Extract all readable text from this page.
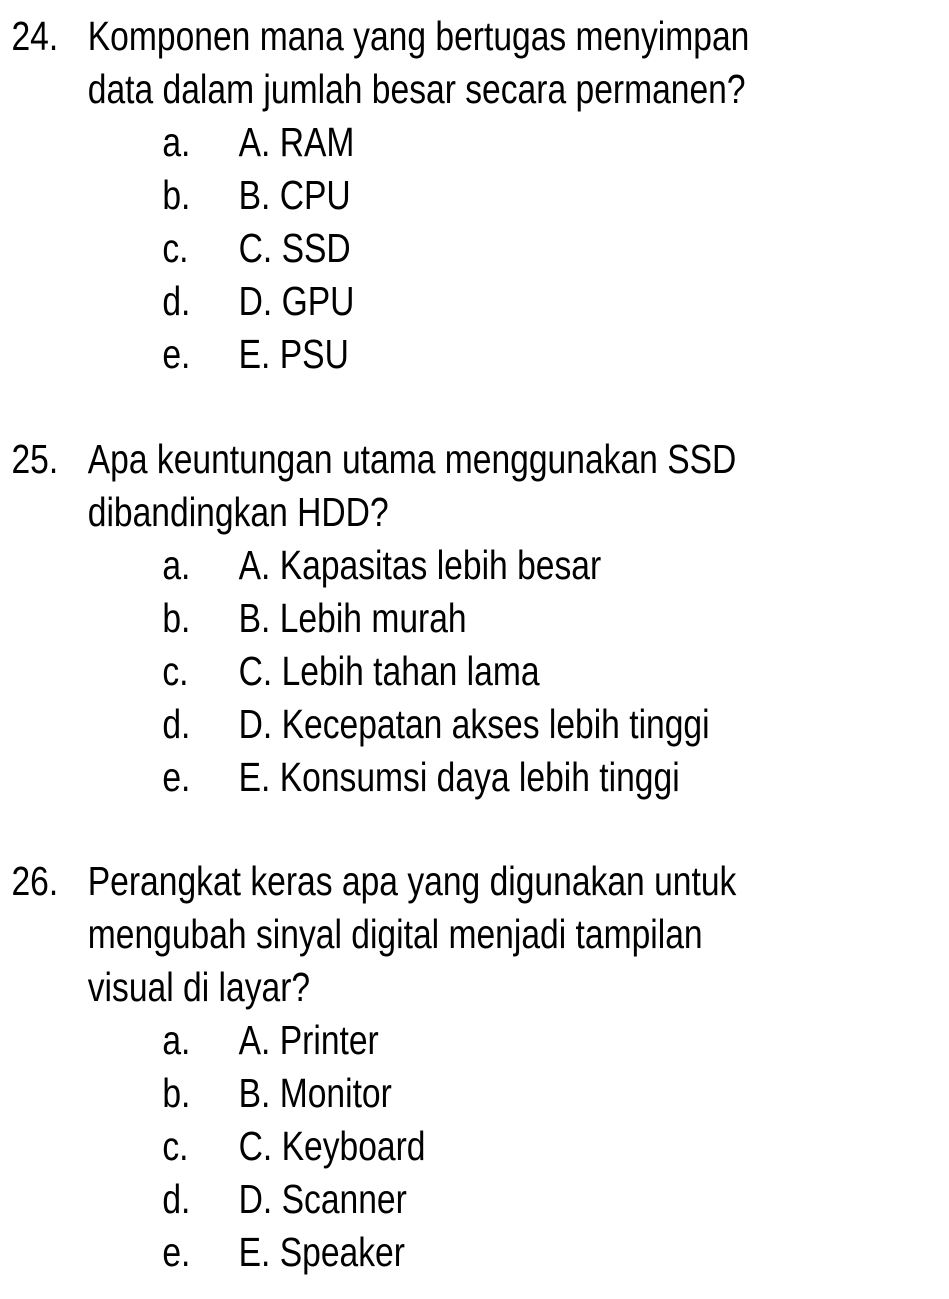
24. Komponen mana yang bertugas menyimpan
data dalam jumlah besar secara permanen?
a. A. RAM
b. B. CPU
c. C. SSD
d. D. GPU
e. E. PSU
25. Apa keuntungan utama menggunakan SSD
dibandingkan HDD?
a. A. Kapasitas lebih besar
b. B. Lebih murah
c. C. Lebih tahan lama
d. D. Kecepatan akses lebih tinggi
e. E. Konsumsi daya lebih tinggi
26. Perangkat keras apa yang digunakan untuk
mengubah sinyal digital menjadi tampilan
visual di layar?
a. A. Printer
b. B. Monitor
c. C. Keyboard
d. D. Scanner
e. E. Speaker
